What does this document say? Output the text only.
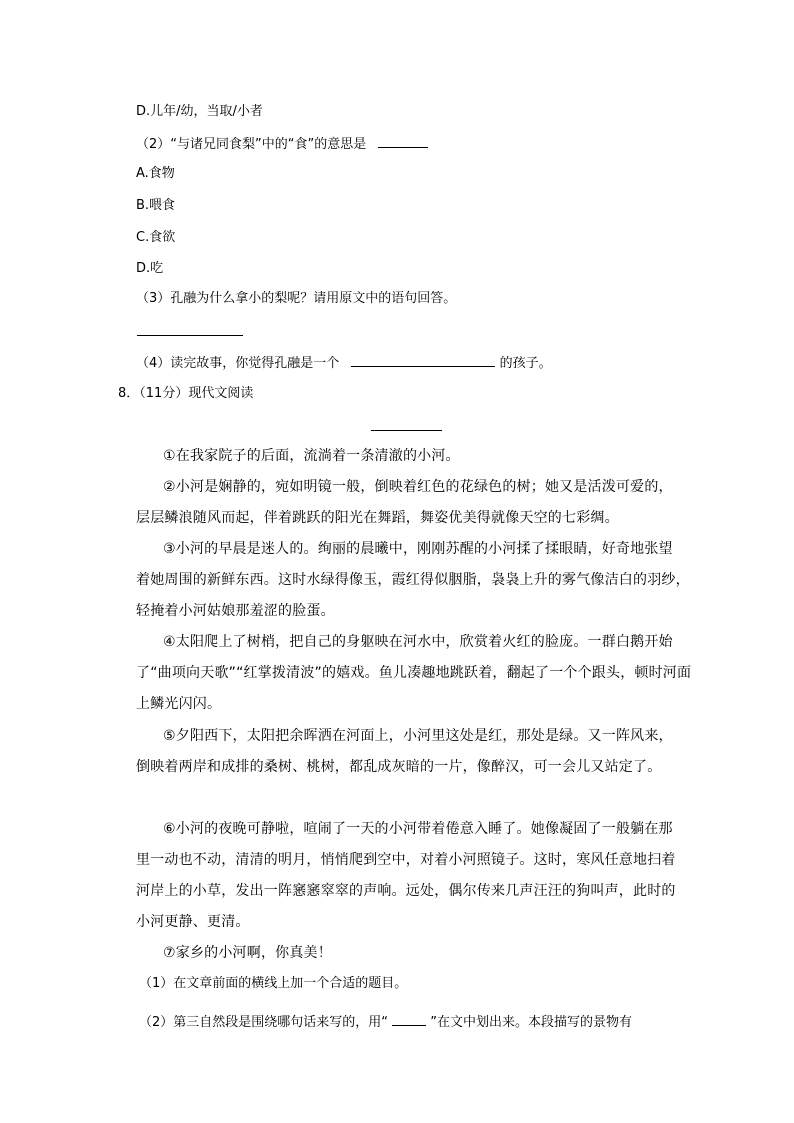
D.儿年/幼，当取/小者
（2）“与诸兄同食梨”中的“食”的意思是
A.食物
B.喂食
C.食欲
D.吃
（3）孔融为什么拿小的梨呢？请用原文中的语句回答。
（4）读完故事，你觉得孔融是一个	的孩子。
8．（11分）现代文阅读
①在我家院子的后面，流淌着一条清澈的小河。
②小河是娴静的，宛如明镜一般，倒映着红色的花绿色的树；她又是活泼可爱的，
层层鳞浪随风而起，伴着跳跃的阳光在舞蹈，舞姿优美得就像天空的七彩绸。
③小河的早晨是迷人的。绚丽的晨曦中，刚刚苏醒的小河揉了揉眼睛，好奇地张望
着她周围的新鲜东西。这时水绿得像玉，霞红得似胭脂，袅袅上升的雾气像洁白的羽纱，
轻掩着小河姑娘那羞涩的脸蛋。
④太阳爬上了树梢，把自己的身躯映在河水中，欣赏着火红的脸庞。一群白鹅开始
了“曲项向天歌”“红掌拨清波”的嬉戏。鱼儿凑趣地跳跃着，翻起了一个个跟头，顿时河面
上鳞光闪闪。
⑤夕阳西下，太阳把余晖洒在河面上，小河里这处是红，那处是绿。又一阵风来，
倒映着两岸和成排的桑树、桃树，都乱成灰暗的一片，像醉汉，可一会儿又站定了。
⑥小河的夜晚可静啦，喧闹了一天的小河带着倦意入睡了。她像凝固了一般躺在那
里一动也不动，清清的明月，悄悄爬到空中，对着小河照镜子。这时，寒风任意地扫着
河岸上的小草，发出一阵窸窸窣窣的声响。远处，偶尔传来几声汪汪的狗叫声，此时的
小河更静、更清。
⑦家乡的小河啊，你真美！
（1）在文章前面的横线上加一个合适的题目。
（2）第三自然段是围绕哪句话来写的，用“	”在文中划出来。本段描写的景物有
